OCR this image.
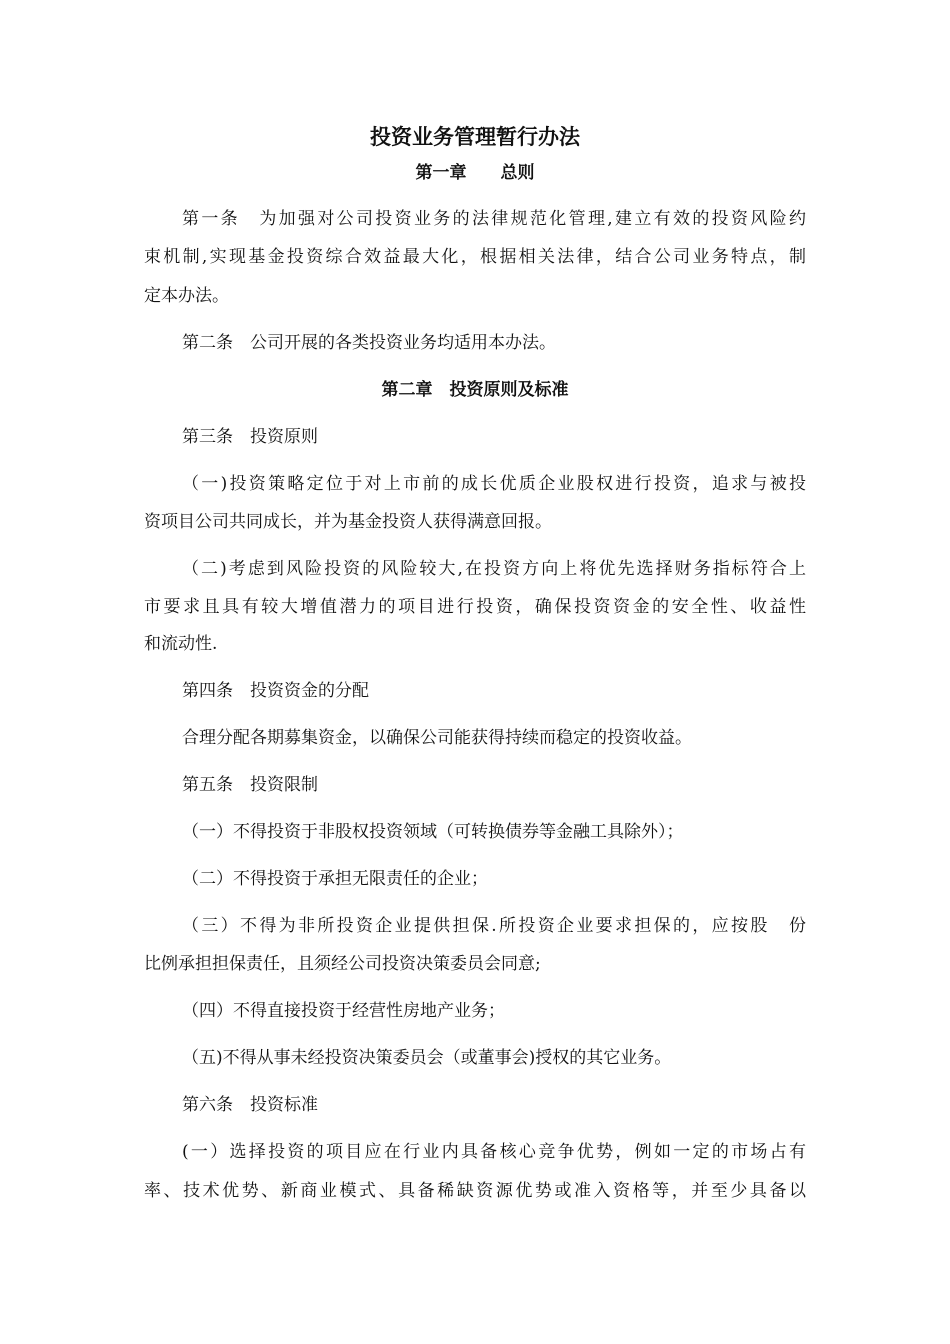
投资业务管理暂行办法
第一章　　总则
第一条　为加强对公司投资业务的法律规范化管理,建立有效的投资风险约
束机制,实现基金投资综合效益最大化，根据相关法律，结合公司业务特点，制
定本办法。
第二条　公司开展的各类投资业务均适用本办法。
第二章　投资原则及标准
第三条　投资原则
（一)投资策略定位于对上市前的成长优质企业股权进行投资，追求与被投
资项目公司共同成长，并为基金投资人获得满意回报。
（二)考虑到风险投资的风险较大,在投资方向上将优先选择财务指标符合上
市要求且具有较大增值潜力的项目进行投资，确保投资资金的安全性、收益性
和流动性.
第四条　投资资金的分配
合理分配各期募集资金，以确保公司能获得持续而稳定的投资收益。
第五条　投资限制
（一）不得投资于非股权投资领域（可转换债券等金融工具除外）；
（二）不得投资于承担无限责任的企业；
（三）不得为非所投资企业提供担保.所投资企业要求担保的，应按股　份
比例承担担保责任，且须经公司投资决策委员会同意;
（四）不得直接投资于经营性房地产业务；
（五)不得从事未经投资决策委员会（或董事会)授权的其它业务。
第六条　投资标准
(一）选择投资的项目应在行业内具备核心竞争优势，例如一定的市场占有
率、技术优势、新商业模式、具备稀缺资源优势或准入资格等，并至少具备以
